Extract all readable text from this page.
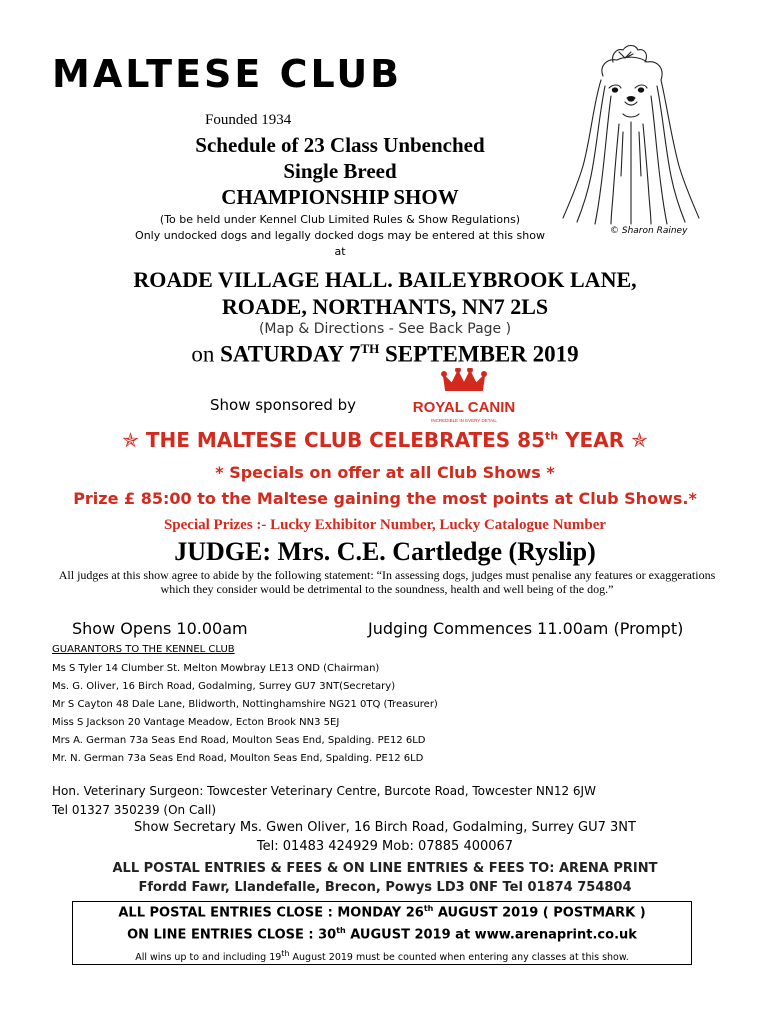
MALTESE CLUB
Founded 1934
Schedule of 23 Class Unbenched
Single Breed
CHAMPIONSHIP SHOW
(To be held under Kennel Club Limited Rules & Show Regulations)
Only undocked dogs and legally docked dogs may be entered at this show
at
© Sharon Rainey
ROADE VILLAGE HALL. BAILEYBROOK LANE,
ROADE, NORTHANTS, NN7 2LS
(Map & Directions - See Back Page )
on SATURDAY 7TH SEPTEMBER 2019
Show sponsored by	ROYAL CANIN
INCREDIBLE IN EVERY DETAIL
✯ THE MALTESE CLUB CELEBRATES 85th YEAR ✯
* Specials on offer at all Club Shows *
Prize £ 85:00 to the Maltese gaining the most points at Club Shows.*
Special Prizes :- Lucky Exhibitor Number, Lucky Catalogue Number
JUDGE: Mrs. C.E. Cartledge (Ryslip)
All judges at this show agree to abide by the following statement: “In assessing dogs, judges must penalise any features or exaggerations which they consider would be detrimental to the soundness, health and well being of the dog.”
Show Opens 10.00am	Judging Commences 11.00am (Prompt)
GUARANTORS TO THE KENNEL CLUB
Ms S Tyler 14 Clumber St. Melton Mowbray LE13 OND (Chairman)
Ms. G. Oliver, 16 Birch Road, Godalming, Surrey GU7 3NT(Secretary)
Mr S Cayton 48 Dale Lane, Blidworth, Nottinghamshire NG21 0TQ (Treasurer)
Miss S Jackson 20 Vantage Meadow, Ecton Brook NN3 5EJ
Mrs A. German 73a Seas End Road, Moulton Seas End, Spalding. PE12 6LD
Mr. N. German 73a Seas End Road, Moulton Seas End, Spalding. PE12 6LD
Hon. Veterinary Surgeon: Towcester Veterinary Centre, Burcote Road, Towcester NN12 6JW
Tel 01327 350239 (On Call)
Show Secretary Ms. Gwen Oliver, 16 Birch Road, Godalming, Surrey GU7 3NT
Tel: 01483 424929 Mob: 07885 400067
ALL POSTAL ENTRIES & FEES & ON LINE ENTRIES & FEES TO: ARENA PRINT
Ffordd Fawr, Llandefalle, Brecon, Powys LD3 0NF Tel 01874 754804
ALL POSTAL ENTRIES CLOSE : MONDAY 26th AUGUST 2019 ( POSTMARK )
ON LINE ENTRIES CLOSE : 30th AUGUST 2019 at www.arenaprint.co.uk
All wins up to and including 19th August 2019 must be counted when entering any classes at this show.
